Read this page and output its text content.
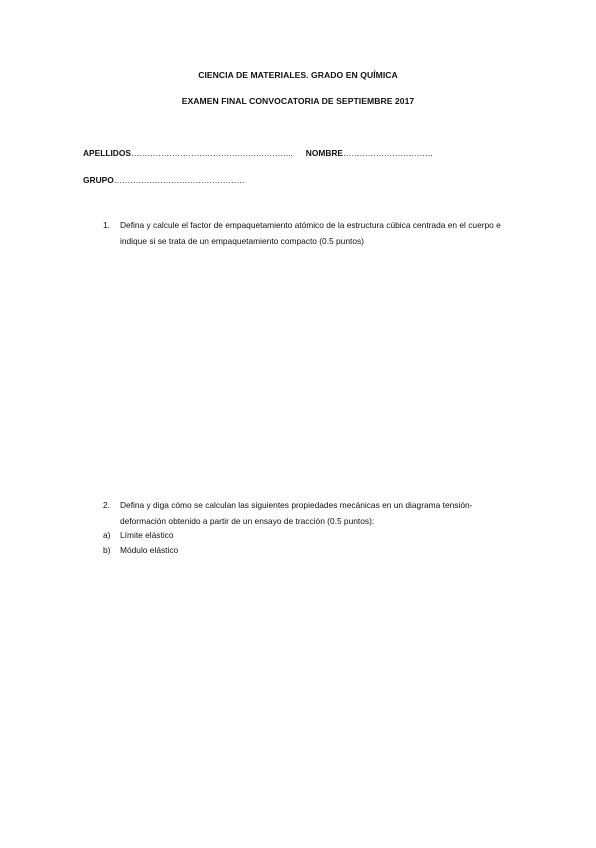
CIENCIA DE MATERIALES. GRADO EN QUÍMICA
EXAMEN FINAL CONVOCATORIA DE SEPTIEMBRE 2017
APELLIDOS……………………………………….………….. NOMBRE……………………………
GRUPO…………………………………………
1.	Defina y calcule el factor de empaquetamiento atómico de la estructura cúbica centrada en el cuerpo e indique si se trata de un empaquetamiento compacto (0.5 puntos)
2.	Defina y diga cómo se calculan las siguientes propiedades mecánicas en un diagrama tensión-deformación obtenido a partir de un ensayo de tracción (0.5 puntos):
a) Límite elástico
b) Módulo elástico
